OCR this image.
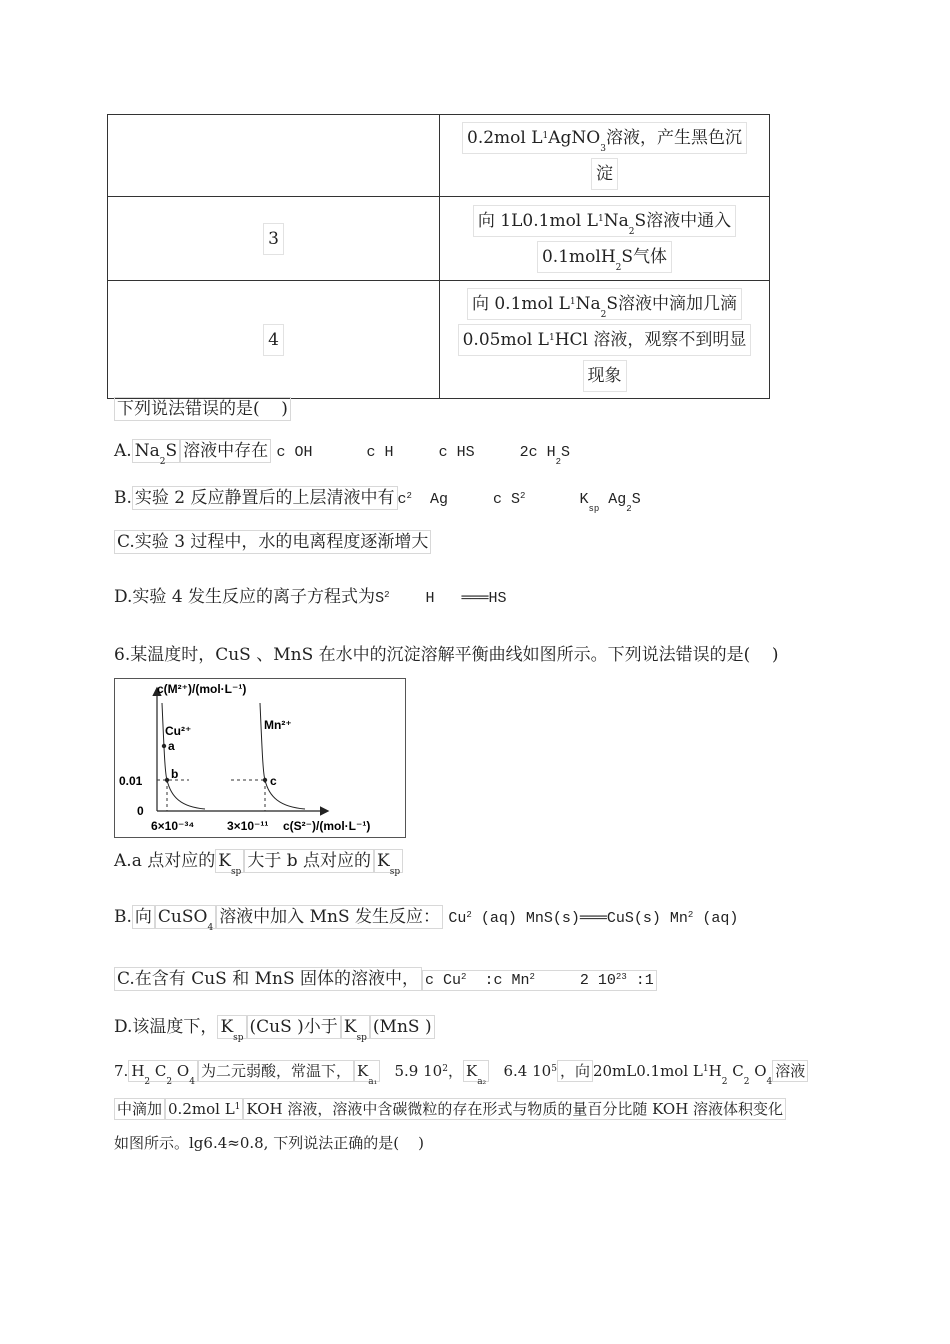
	0.2mol $L^1AgNO_3$溶液，产生黑色沉
淀

3	向 1L0.1mol $L^1Na_2S$溶液中通入
0.1molH$_2$S气体

4	向 0.1mol $L^1Na_2S$溶液中滴加几滴
0.05mol $L^1HCl$ 溶液，观察不到明显
现象
下列说法错误的是( )
A. $Na_2S$ 溶液中存在 c OH	c H	c HS	2c $H_2S$
B. 实验 2 反应静置后的上层清液中有 $c^2$ Ag	c $S^2$	$K_{sp}$ $Ag_2S$
C.实验 3 过程中，水的电离程度逐渐增大
D.实验 4 发生反应的离子方程式为$S^2$ H ═══HS
6.某温度时，CuS 、MnS 在水中的沉淀溶解平衡曲线如图所示。下列说法错误的是( )
c(M²⁺)/(mol·L⁻¹)
Cu²⁺	Mn²⁺
a
b	c
0.01
0
6×10⁻³⁴	3×10⁻¹¹ c(S²⁻)/(mol·L⁻¹)
A.a 点对应的 $K_{sp}$大于 b 点对应的 $K_{sp}$
B. 向 CuSO$_4$溶液中加入 MnS 发生反应： Cu$^2$ (aq) MnS(s)═══CuS(s) Mn$^2$ (aq)
C.在含有 CuS 和 MnS 固体的溶液中， c Cu$^2$ :c Mn$^2$	2 $10^{23}$ :1
D.该温度下， $K_{sp}(CuS$ )小于 $K_{sp}(MnS$ )
7. $H_2$ $C_2$ $O_4$为二元弱酸，常温下， $K_{a_1}$   5.9 $10^2$， $K_{a_2}$   6.4 $10^5$ ，向 20mL0.1mol $L^1H_2$ $C_2$ $O_4$溶液
中滴加 0.2mol $L^1$ KOH 溶液，溶液中含碳微粒的存在形式与物质的量百分比随 KOH 溶液体积变化
如图所示。lg6.4≈0.8, 下列说法正确的是( )
